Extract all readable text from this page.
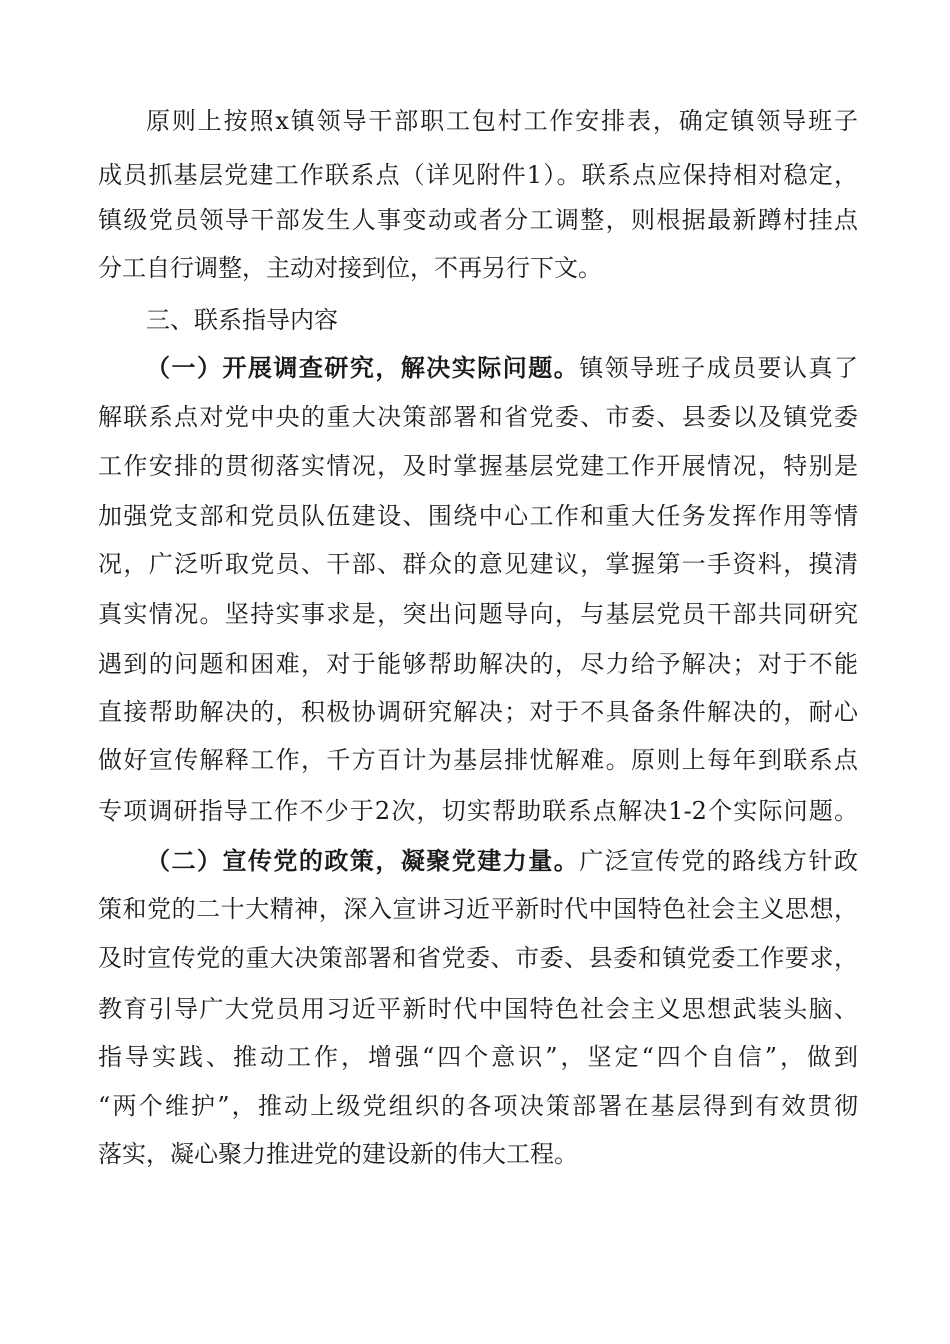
原则上按照x镇领导干部职工包村工作安排表，确定镇领导班子
成员抓基层党建工作联系点（详见附件1）。联系点应保持相对稳定，
镇级党员领导干部发生人事变动或者分工调整，则根据最新蹲村挂点
分工自行调整，主动对接到位，不再另行下文。
三、联系指导内容
（一）开展调查研究，解决实际问题。镇领导班子成员要认真了
解联系点对党中央的重大决策部署和省党委、市委、县委以及镇党委
工作安排的贯彻落实情况，及时掌握基层党建工作开展情况，特别是
加强党支部和党员队伍建设、围绕中心工作和重大任务发挥作用等情
况，广泛听取党员、干部、群众的意见建议，掌握第一手资料，摸清
真实情况。坚持实事求是，突出问题导向，与基层党员干部共同研究
遇到的问题和困难，对于能够帮助解决的，尽力给予解决；对于不能
直接帮助解决的，积极协调研究解决；对于不具备条件解决的，耐心
做好宣传解释工作，千方百计为基层排忧解难。原则上每年到联系点
专项调研指导工作不少于2次，切实帮助联系点解决1-2个实际问题。
（二）宣传党的政策，凝聚党建力量。广泛宣传党的路线方针政
策和党的二十大精神，深入宣讲习近平新时代中国特色社会主义思想，
及时宣传党的重大决策部署和省党委、市委、县委和镇党委工作要求，
教育引导广大党员用习近平新时代中国特色社会主义思想武装头脑、
指导实践、推动工作，增强“四个意识”，坚定“四个自信”，做到
“两个维护”，推动上级党组织的各项决策部署在基层得到有效贯彻
落实，凝心聚力推进党的建设新的伟大工程。
